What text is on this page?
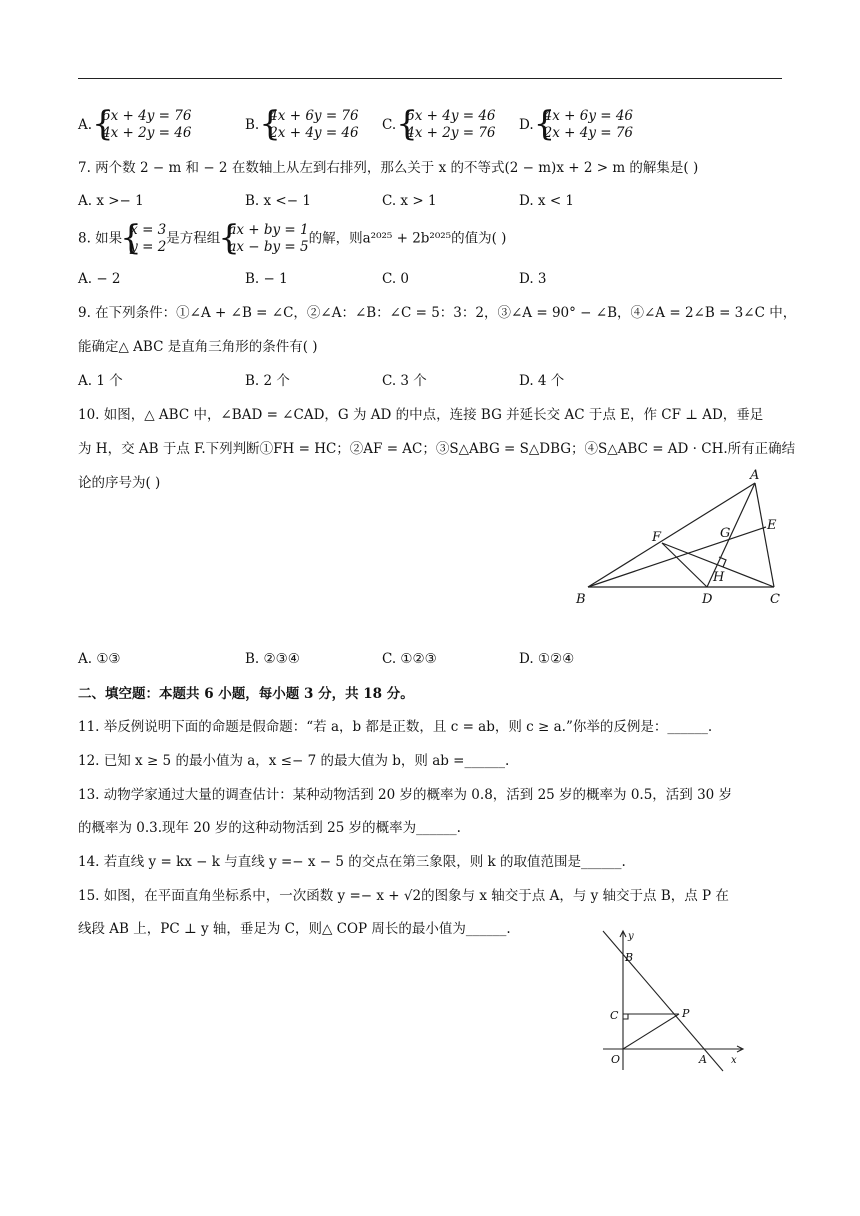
A.
{ 6x + 4y = 76
4x + 2y = 46	B.
{ 4x + 6y = 76
2x + 4y = 46 C.
{ 6x + 4y = 46
4x + 2y = 76 D.
{ 4x + 6y = 46
2x + 4y = 76
7. 两个数 2 − m 和 − 2 在数轴上从左到右排列，那么关于 x 的不等式(2 − m)x + 2 > m 的解集是( )
A. x >− 1	B. x <− 1	C. x > 1	D. x < 1
8. 如果
{ x = 3
y = 2
是方程组
{ ax + by = 1
ax − by = 5
的解，则a²⁰²⁵ + 2b²⁰²⁵的值为( )
A. − 2	B. − 1	C. 0	D. 3
9. 在下列条件：①∠A + ∠B = ∠C，②∠A：∠B：∠C = 5：3：2，③∠A = 90° − ∠B，④∠A = 2∠B = 3∠C 中，
能确定△ ABC 是直角三角形的条件有( )
A. 1 个	B. 2 个	C. 3 个	D. 4 个
10. 如图，△ ABC 中，∠BAD = ∠CAD，G 为 AD 的中点，连接 BG 并延长交 AC 于点 E，作 CF ⊥ AD，垂足
为 H，交 AB 于点 F.下列判断①FH = HC；②AF = AC；③S△ABG = S△DBG；④S△ABC = AD · CH.所有正确结
论的序号为( )	A
B	C
D
E
F	G
H
A. ①③	B. ②③④	C. ①②③	D. ①②④
二、填空题：本题共 6 小题，每小题 3 分，共 18 分。
11. 举反例说明下面的命题是假命题：“若 a，b 都是正数，且 c = ab，则 c ≥ a.”你举的反例是：______.
12. 已知 x ≥ 5 的最小值为 a，x ≤− 7 的最大值为 b，则 ab =______.
13. 动物学家通过大量的调查估计：某种动物活到 20 岁的概率为 0.8，活到 25 岁的概率为 0.5，活到 30 岁
的概率为 0.3.现年 20 岁的这种动物活到 25 岁的概率为______.
14. 若直线 y = kx − k 与直线 y =− x − 5 的交点在第三象限，则 k 的取值范围是______.
15. 如图，在平面直角坐标系中，一次函数 y =− x + √2的图象与 x 轴交于点 A，与 y 轴交于点 B，点 P 在
线段 AB 上，PC ⊥ y 轴，垂足为 C，则△ COP 周长的最小值为______.	y
x
B
C	P
O	A
